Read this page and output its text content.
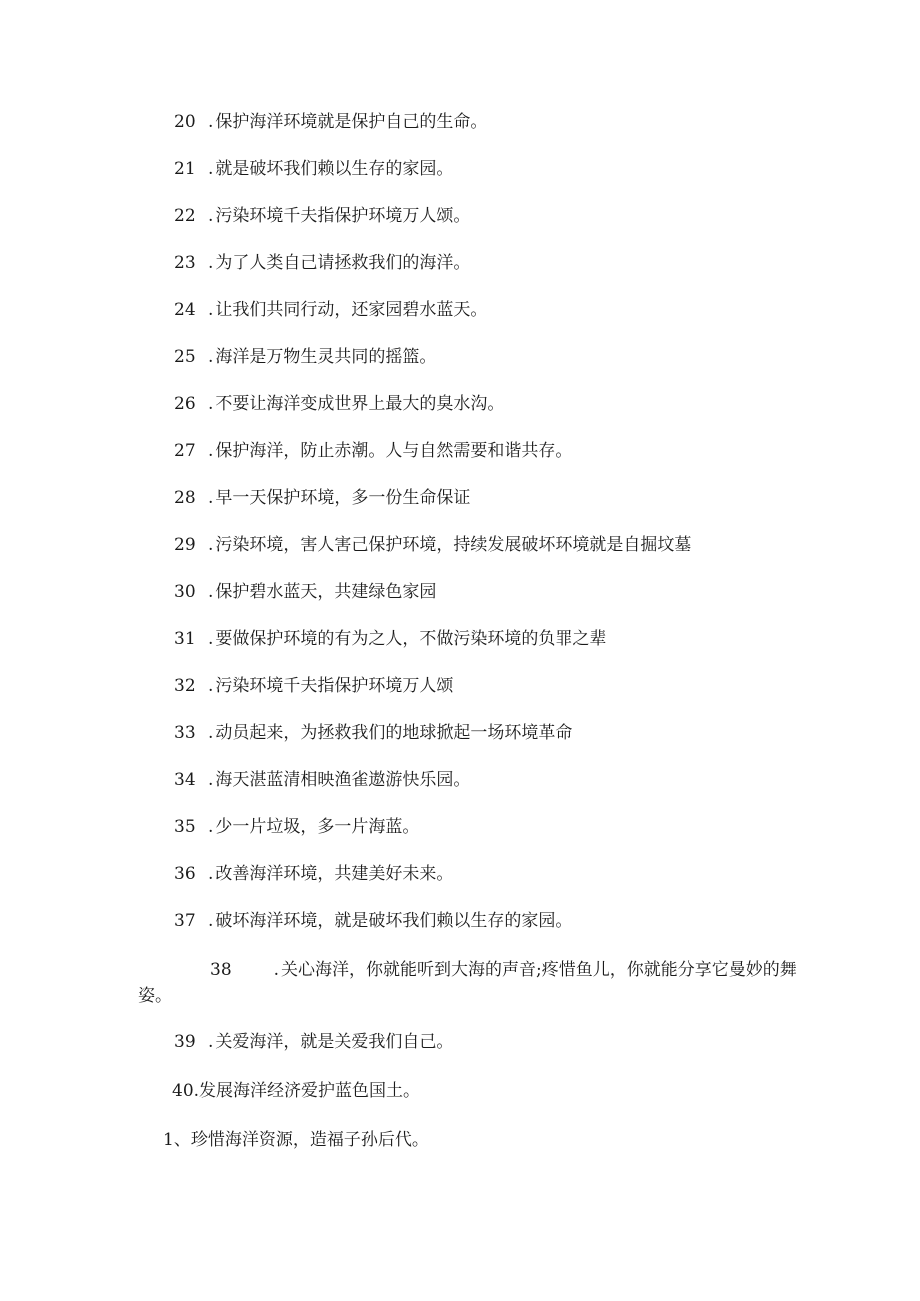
20 . 保护海洋环境就是保护自己的生命。
21 . 就是破坏我们赖以生存的家园。
22 . 污染环境千夫指保护环境万人颂。
23 . 为了人类自己请拯救我们的海洋。
24 . 让我们共同行动，还家园碧水蓝天。
25 . 海洋是万物生灵共同的摇篮。
26 . 不要让海洋变成世界上最大的臭水沟。
27 . 保护海洋，防止赤潮。人与自然需要和谐共存。
28 . 早一天保护环境，多一份生命保证
29 . 污染环境，害人害己保护环境，持续发展破坏环境就是自掘坟墓
30 . 保护碧水蓝天，共建绿色家园
31 . 要做保护环境的有为之人，不做污染环境的负罪之辈
32 . 污染环境千夫指保护环境万人颂
33 . 动员起来，为拯救我们的地球掀起一场环境革命
34 . 海天湛蓝清相映渔雀遨游快乐园。
35 . 少一片垃圾，多一片海蓝。
36 . 改善海洋环境，共建美好未来。
37 . 破坏海洋环境，就是破坏我们赖以生存的家园。
38 . 关心海洋，你就能听到大海的声音;疼惜鱼儿，你就能分享它曼妙的舞姿。
39 . 关爱海洋，就是关爱我们自己。
40.发展海洋经济爱护蓝色国土。
1、珍惜海洋资源，造福子孙后代。
